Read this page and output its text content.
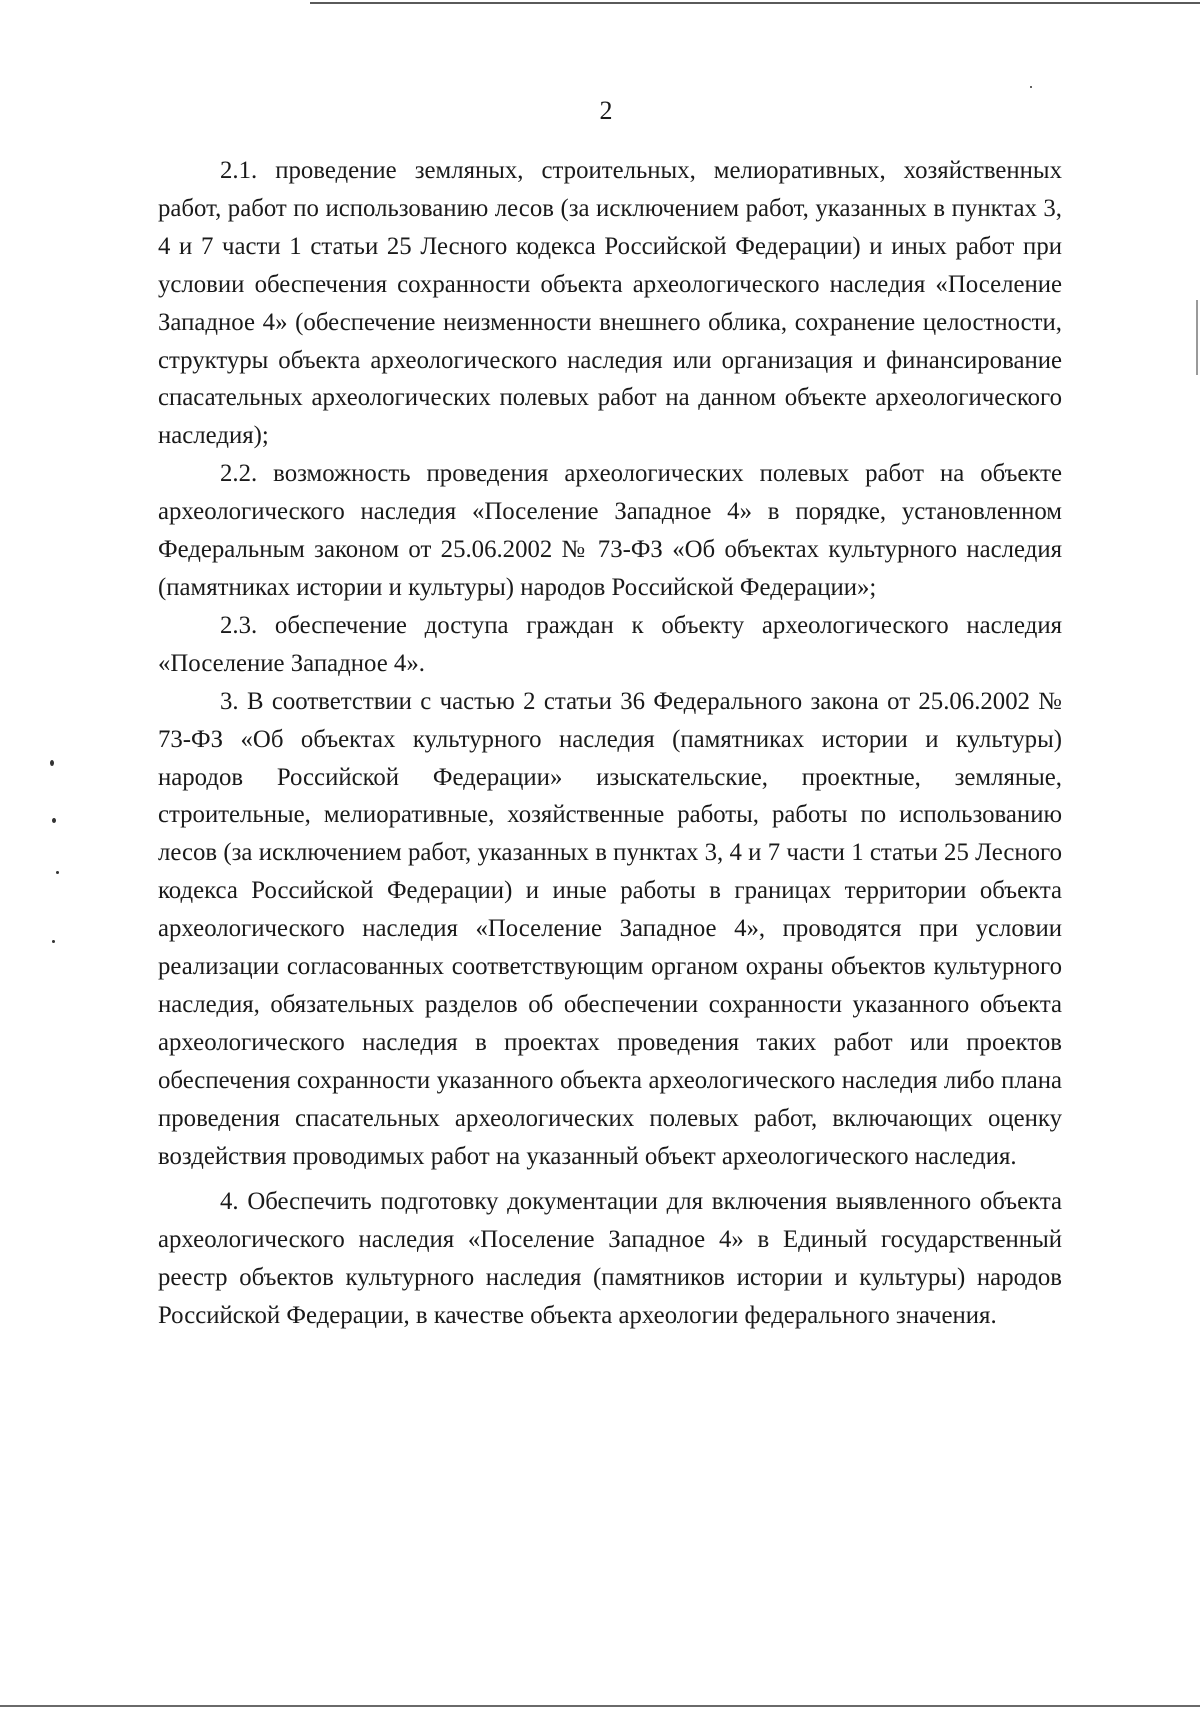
2

2.1. проведение земляных, строительных, мелиоративных, хозяйственных работ, работ по использованию лесов (за исключением работ, указанных в пунктах 3, 4 и 7 части 1 статьи 25 Лесного кодекса Российской Федерации) и иных работ при условии обеспечения сохранности объекта археологического наследия «Поселение Западное 4» (обеспечение неизменности внешнего облика, сохранение целостности, структуры объекта археологического наследия или организация и финансирование спасательных археологических полевых работ на данном объекте археологического наследия);

2.2. возможность проведения археологических полевых работ на объекте археологического наследия «Поселение Западное 4» в порядке, установленном Федеральным законом от 25.06.2002 № 73-ФЗ «Об объектах культурного наследия (памятниках истории и культуры) народов Российской Федерации»;

2.3. обеспечение доступа граждан к объекту археологического наследия «Поселение Западное 4».

3. В соответствии с частью 2 статьи 36 Федерального закона от 25.06.2002 № 73-ФЗ «Об объектах культурного наследия (памятниках истории и культуры) народов Российской Федерации» изыскательские, проектные, земляные, строительные, мелиоративные, хозяйственные работы, работы по использованию лесов (за исключением работ, указанных в пунктах 3, 4 и 7 части 1 статьи 25 Лесного кодекса Российской Федерации) и иные работы в границах территории объекта археологического наследия «Поселение Западное 4», проводятся при условии реализации согласованных соответствующим органом охраны объектов культурного наследия, обязательных разделов об обеспечении сохранности указанного объекта археологического наследия в проектах проведения таких работ или проектов обеспечения сохранности указанного объекта археологического наследия либо плана проведения спасательных археологических полевых работ, включающих оценку воздействия проводимых работ на указанный объект археологического наследия.

4. Обеспечить подготовку документации для включения выявленного объекта археологического наследия «Поселение Западное 4» в Единый государственный реестр объектов культурного наследия (памятников истории и культуры) народов Российской Федерации, в качестве объекта археологии федерального значения.
